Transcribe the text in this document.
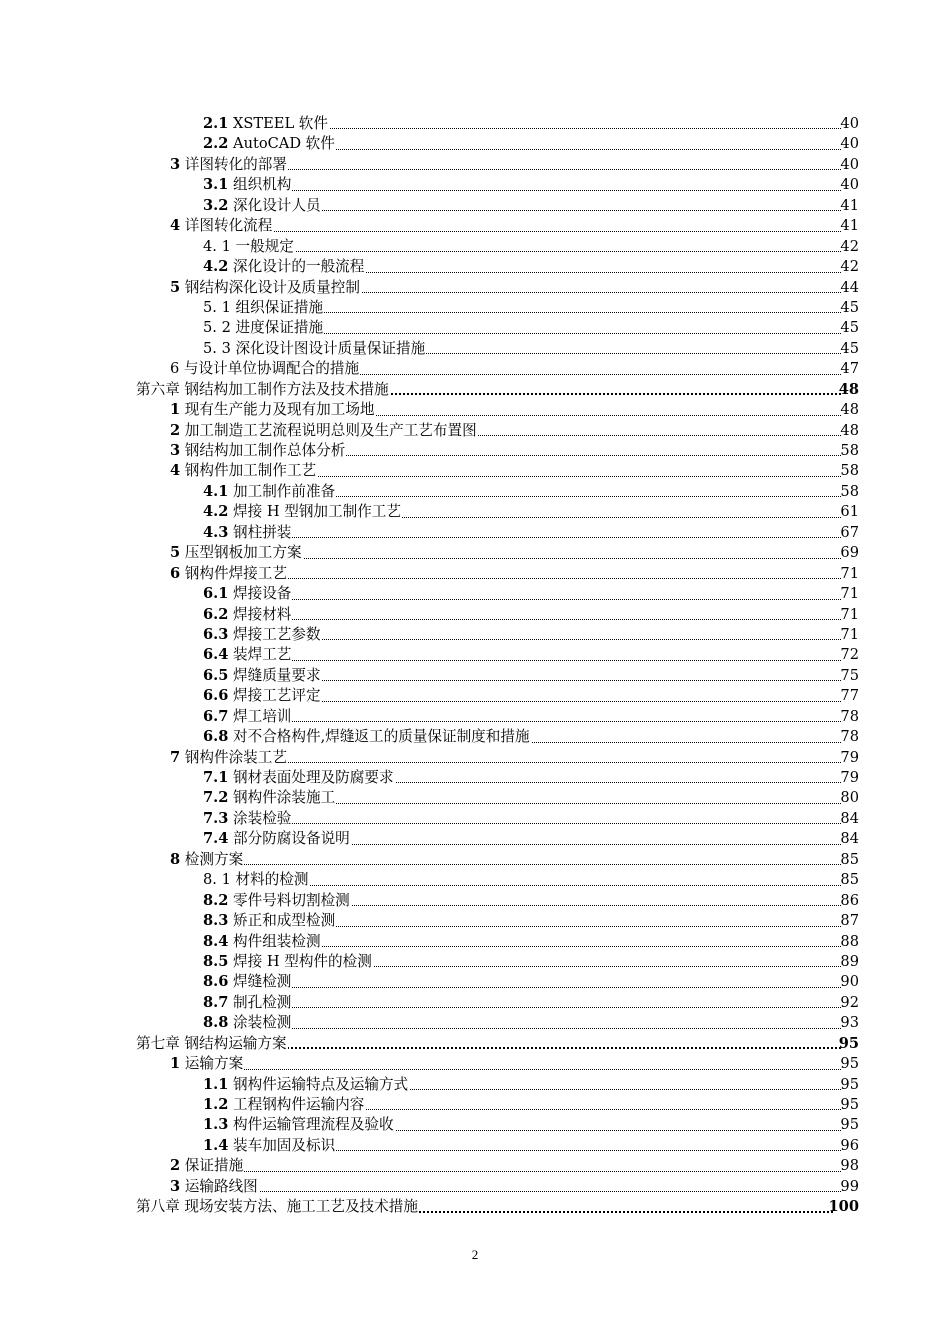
2.1 XSTEEL 软件	40
2.2 AutoCAD 软件	40
3 详图转化的部署	40
3.1 组织机构	40
3.2 深化设计人员	41
4 详图转化流程	41
4. 1 一般规定	42
4.2 深化设计的一般流程	42
5 钢结构深化设计及质量控制	44
5. 1 组织保证措施	45
5. 2 进度保证措施	45
5. 3 深化设计图设计质量保证措施	45
6 与设计单位协调配合的措施	47
第六章 钢结构加工制作方法及技术措施	48
1 现有生产能力及现有加工场地	48
2 加工制造工艺流程说明总则及生产工艺布置图	48
3 钢结构加工制作总体分析	58
4 钢构件加工制作工艺	58
4.1 加工制作前准备	58
4.2 焊接 H 型钢加工制作工艺	61
4.3 钢柱拼装	67
5 压型钢板加工方案	69
6 钢构件焊接工艺	71
6.1 焊接设备	71
6.2 焊接材料	71
6.3 焊接工艺参数	71
6.4 装焊工艺	72
6.5 焊缝质量要求	75
6.6 焊接工艺评定	77
6.7 焊工培训	78
6.8 对不合格构件,焊缝返工的质量保证制度和措施	78
7 钢构件涂装工艺	79
7.1 钢材表面处理及防腐要求	79
7.2 钢构件涂装施工	80
7.3 涂装检验	84
7.4 部分防腐设备说明	84
8 检测方案	85
8. 1 材料的检测	85
8.2 零件号料切割检测	86
8.3 矫正和成型检测	87
8.4 构件组装检测	88
8.5 焊接 H 型构件的检测	89
8.6 焊缝检测	90
8.7 制孔检测	92
8.8 涂装检测	93
第七章 钢结构运输方案	95
1 运输方案	95
1.1 钢构件运输特点及运输方式	95
1.2 工程钢构件运输内容	95
1.3 构件运输管理流程及验收	95
1.4 装车加固及标识	96
2 保证措施	98
3 运输路线图	99
第八章 现场安装方法、施工工艺及技术措施	100
2
